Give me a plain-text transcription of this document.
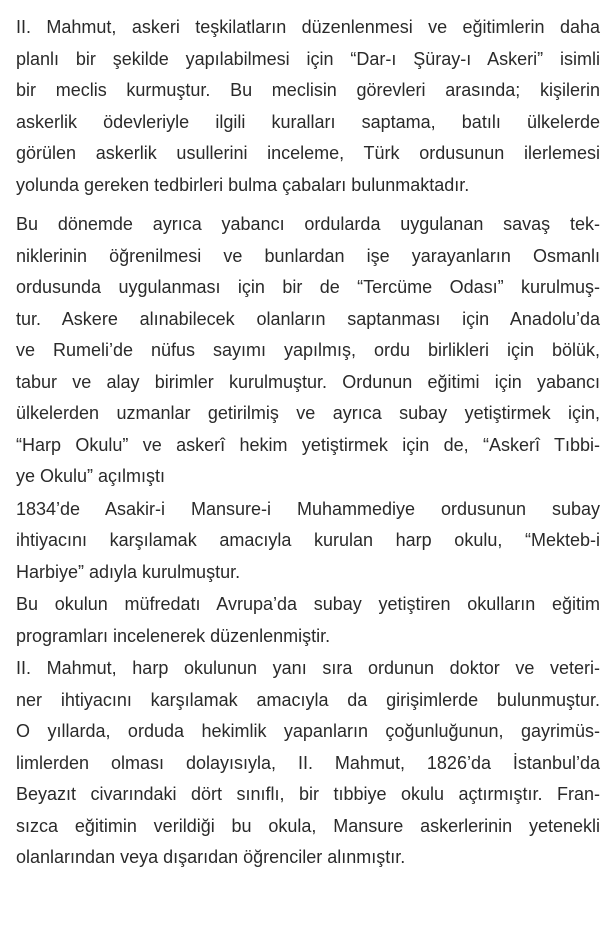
II. Mahmut, askeri teşkilatların düzenlenmesi ve eğitimlerin daha
planlı bir şekilde yapılabilmesi için “Dar-ı Şüray-ı Askeri” isimli
bir meclis kurmuştur. Bu meclisin görevleri arasında; kişilerin
askerlik ödevleriyle ilgili kuralları saptama, batılı ülkelerde
görülen askerlik usullerini inceleme, Türk ordusunun ilerlemesi
yolunda gereken tedbirleri bulma çabaları bulunmaktadır.

Bu dönemde ayrıca yabancı ordularda uygulanan savaş tek-
niklerinin öğrenilmesi ve bunlardan işe yarayanların Osmanlı
ordusunda uygulanması için bir de “Tercüme Odası” kurulmuş-
tur. Askere alınabilecek olanların saptanması için Anadolu’da
ve Rumeli’de nüfus sayımı yapılmış, ordu birlikleri için bölük,
tabur ve alay birimler kurulmuştur. Ordunun eğitimi için yabancı
ülkelerden uzmanlar getirilmiş ve ayrıca subay yetiştirmek için,
“Harp Okulu” ve askerî hekim yetiştirmek için de, “Askerî Tıbbi-
ye Okulu” açılmıştı

1834’de Asakir-i Mansure-i Muhammediye ordusunun subay
ihtiyacını karşılamak amacıyla kurulan harp okulu, “Mekteb-i
Harbiye” adıyla kurulmuştur.

Bu okulun müfredatı Avrupa’da subay yetiştiren okulların eğitim
programları incelenerek düzenlenmiştir.

II. Mahmut, harp okulunun yanı sıra ordunun doktor ve veteri-
ner ihtiyacını karşılamak amacıyla da girişimlerde bulunmuştur.
O yıllarda, orduda hekimlik yapanların çoğunluğunun, gayrimüs-
limlerden olması dolayısıyla, II. Mahmut, 1826’da İstanbul’da
Beyazıt civarındaki dört sınıflı, bir tıbbiye okulu açtırmıştır. Fran-
sızca eğitimin verildiği bu okula, Mansure askerlerinin yetenekli
olanlarından veya dışarıdan öğrenciler alınmıştır.
